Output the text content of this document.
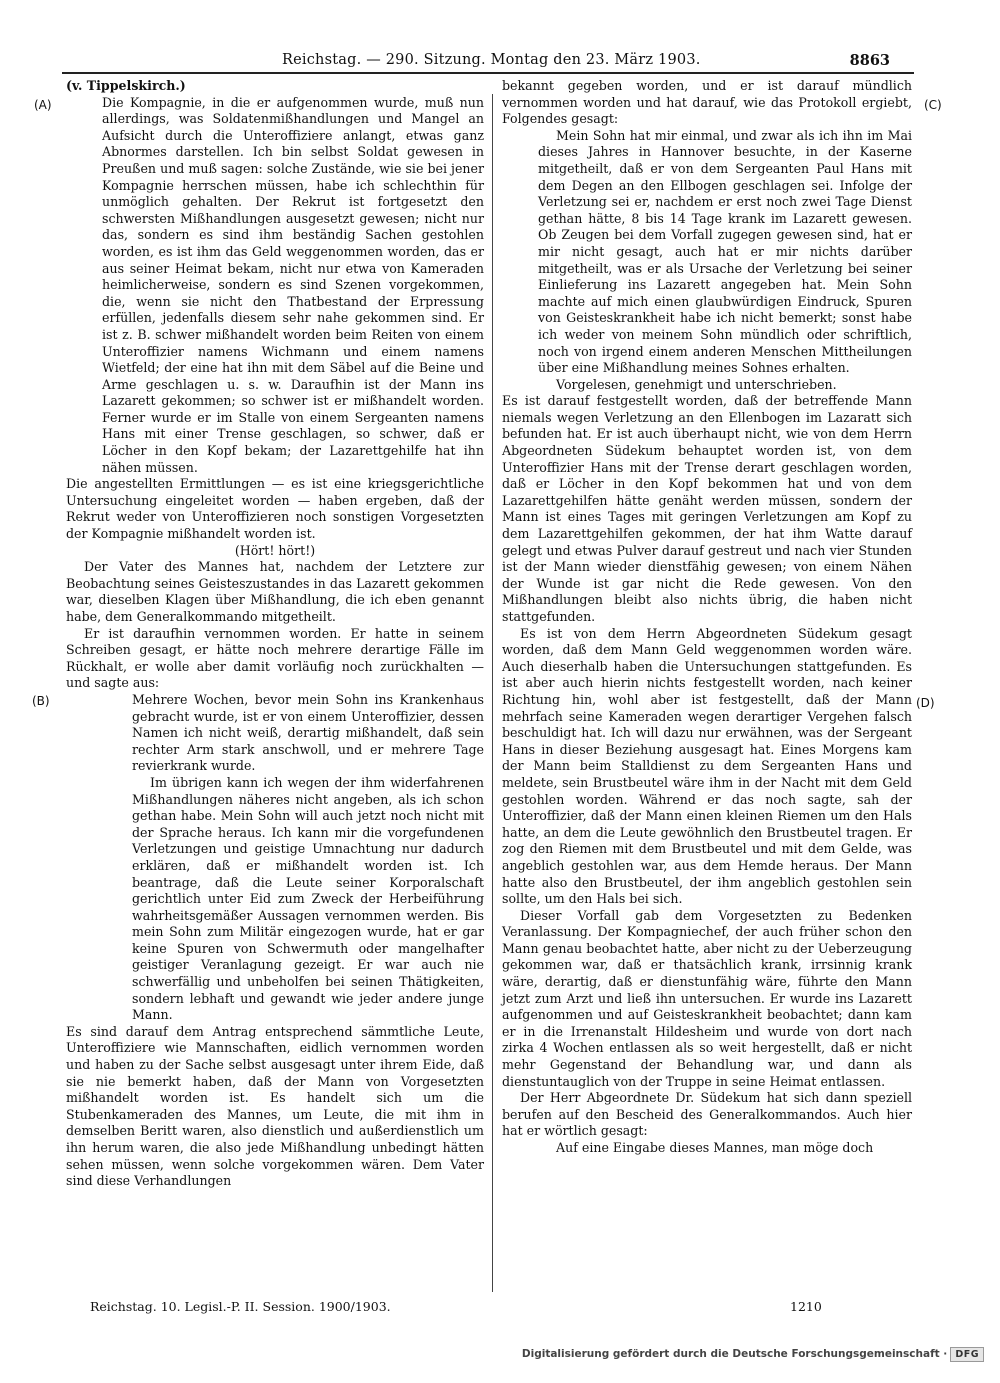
Reichstag. — 290. Sitzung. Montag den 23. März 1903.	8863
(A)
(B)
(C)
(D)

(v. Tippelskirch.)

Die Kompagnie, in die er aufgenommen wurde, muß nun allerdings, was Soldatenmißhandlungen und Mangel an Aufsicht durch die Unteroffiziere anlangt, etwas ganz Abnormes darstellen. Ich bin selbst Soldat gewesen in Preußen und muß sagen: solche Zustände, wie sie bei jener Kompagnie herrschen müssen, habe ich schlechthin für unmöglich gehalten. Der Rekrut ist fortgesetzt den schwersten Mißhandlungen ausgesetzt gewesen; nicht nur das, sondern es sind ihm beständig Sachen gestohlen worden, es ist ihm das Geld weggenommen worden, das er aus seiner Heimat bekam, nicht nur etwa von Kameraden heimlicherweise, sondern es sind Szenen vorgekommen, die, wenn sie nicht den Thatbestand der Erpressung erfüllen, jedenfalls diesem sehr nahe gekommen sind. Er ist z. B. schwer mißhandelt worden beim Reiten von einem Unteroffizier namens Wichmann und einem namens Wietfeld; der eine hat ihn mit dem Säbel auf die Beine und Arme geschlagen u. s. w. Daraufhin ist der Mann ins Lazarett gekommen; so schwer ist er mißhandelt worden. Ferner wurde er im Stalle von einem Sergeanten namens Hans mit einer Trense geschlagen, so schwer, daß er Löcher in den Kopf bekam; der Lazarettgehilfe hat ihn nähen müssen.

Die angestellten Ermittlungen — es ist eine kriegsgerichtliche Untersuchung eingeleitet worden — haben ergeben, daß der Rekrut weder von Unteroffizieren noch sonstigen Vorgesetzten der Kompagnie mißhandelt worden ist.

(Hört! hört!)

Der Vater des Mannes hat, nachdem der Letztere zur Beobachtung seines Geisteszustandes in das Lazarett gekommen war, dieselben Klagen über Mißhandlung, die ich eben genannt habe, dem Generalkommando mitgetheilt.

Er ist daraufhin vernommen worden. Er hatte in seinem Schreiben gesagt, er hätte noch mehrere derartige Fälle im Rückhalt, er wolle aber damit vorläufig noch zurückhalten — und sagte aus:

Mehrere Wochen, bevor mein Sohn ins Krankenhaus gebracht wurde, ist er von einem Unteroffizier, dessen Namen ich nicht weiß, derartig mißhandelt, daß sein rechter Arm stark anschwoll, und er mehrere Tage revierkrank wurde.

Im übrigen kann ich wegen der ihm widerfahrenen Mißhandlungen näheres nicht angeben, als ich schon gethan habe. Mein Sohn will auch jetzt noch nicht mit der Sprache heraus. Ich kann mir die vorgefundenen Verletzungen und geistige Umnachtung nur dadurch erklären, daß er mißhandelt worden ist. Ich beantrage, daß die Leute seiner Korporalschaft gerichtlich unter Eid zum Zweck der Herbeiführung wahrheitsgemäßer Aussagen vernommen werden. Bis mein Sohn zum Militär eingezogen wurde, hat er gar keine Spuren von Schwermuth oder mangelhafter geistiger Veranlagung gezeigt. Er war auch nie schwerfällig und unbeholfen bei seinen Thätigkeiten, sondern lebhaft und gewandt wie jeder andere junge Mann.

Es sind darauf dem Antrag entsprechend sämmtliche Leute, Unteroffiziere wie Mannschaften, eidlich vernommen worden und haben zu der Sache selbst ausgesagt unter ihrem Eide, daß sie nie bemerkt haben, daß der Mann von Vorgesetzten mißhandelt worden ist. Es handelt sich um die Stubenkameraden des Mannes, um Leute, die mit ihm in demselben Beritt waren, also dienstlich und außerdienstlich um ihn herum waren, die also jede Mißhandlung unbedingt hätten sehen müssen, wenn solche vorgekommen wären. Dem Vater sind diese Verhandlungen

bekannt gegeben worden, und er ist darauf mündlich vernommen worden und hat darauf, wie das Protokoll ergiebt, Folgendes gesagt:

Mein Sohn hat mir einmal, und zwar als ich ihn im Mai dieses Jahres in Hannover besuchte, in der Kaserne mitgetheilt, daß er von dem Sergeanten Paul Hans mit dem Degen an den Ellbogen geschlagen sei. Infolge der Verletzung sei er, nachdem er erst noch zwei Tage Dienst gethan hätte, 8 bis 14 Tage krank im Lazarett gewesen. Ob Zeugen bei dem Vorfall zugegen gewesen sind, hat er mir nicht gesagt, auch hat er mir nichts darüber mitgetheilt, was er als Ursache der Verletzung bei seiner Einlieferung ins Lazarett angegeben hat. Mein Sohn machte auf mich einen glaubwürdigen Eindruck, Spuren von Geisteskrankheit habe ich nicht bemerkt; sonst habe ich weder von meinem Sohn mündlich oder schriftlich, noch von irgend einem anderen Menschen Mittheilungen über eine Mißhandlung meines Sohnes erhalten.

Vorgelesen, genehmigt und unterschrieben.

Es ist darauf festgestellt worden, daß der betreffende Mann niemals wegen Verletzung an den Ellenbogen im Lazaratt sich befunden hat. Er ist auch überhaupt nicht, wie von dem Herrn Abgeordneten Südekum behauptet worden ist, von dem Unteroffizier Hans mit der Trense derart geschlagen worden, daß er Löcher in den Kopf bekommen hat und von dem Lazarettgehilfen hätte genäht werden müssen, sondern der Mann ist eines Tages mit geringen Verletzungen am Kopf zu dem Lazarettgehilfen gekommen, der hat ihm Watte darauf gelegt und etwas Pulver darauf gestreut und nach vier Stunden ist der Mann wieder dienstfähig gewesen; von einem Nähen der Wunde ist gar nicht die Rede gewesen. Von den Mißhandlungen bleibt also nichts übrig, die haben nicht stattgefunden.

Es ist von dem Herrn Abgeordneten Südekum gesagt worden, daß dem Mann Geld weggenommen worden wäre. Auch dieserhalb haben die Untersuchungen stattgefunden. Es ist aber auch hierin nichts festgestellt worden, nach keiner Richtung hin, wohl aber ist festgestellt, daß der Mann mehrfach seine Kameraden wegen derartiger Vergehen falsch beschuldigt hat. Ich will dazu nur erwähnen, was der Sergeant Hans in dieser Beziehung ausgesagt hat. Eines Morgens kam der Mann beim Stalldienst zu dem Sergeanten Hans und meldete, sein Brustbeutel wäre ihm in der Nacht mit dem Geld gestohlen worden. Während er das noch sagte, sah der Unteroffizier, daß der Mann einen kleinen Riemen um den Hals hatte, an dem die Leute gewöhnlich den Brustbeutel tragen. Er zog den Riemen mit dem Brustbeutel und mit dem Gelde, was angeblich gestohlen war, aus dem Hemde heraus. Der Mann hatte also den Brustbeutel, der ihm angeblich gestohlen sein sollte, um den Hals bei sich.

Dieser Vorfall gab dem Vorgesetzten zu Bedenken Veranlassung. Der Kompagniechef, der auch früher schon den Mann genau beobachtet hatte, aber nicht zu der Ueberzeugung gekommen war, daß er thatsächlich krank, irrsinnig krank wäre, derartig, daß er dienstunfähig wäre, führte den Mann jetzt zum Arzt und ließ ihn untersuchen. Er wurde ins Lazarett aufgenommen und auf Geisteskrankheit beobachtet; dann kam er in die Irrenanstalt Hildesheim und wurde von dort nach zirka 4 Wochen entlassen als so weit hergestellt, daß er nicht mehr Gegenstand der Behandlung war, und dann als dienstuntauglich von der Truppe in seine Heimat entlassen.

Der Herr Abgeordnete Dr. Südekum hat sich dann speziell berufen auf den Bescheid des Generalkommandos. Auch hier hat er wörtlich gesagt:

Auf eine Eingabe dieses Mannes, man möge doch

Reichstag. 10. Legisl.-P. II. Session. 1900/1903.	1210
Digitalisierung gefördert durch die Deutsche Forschungsgemeinschaft · DFG
